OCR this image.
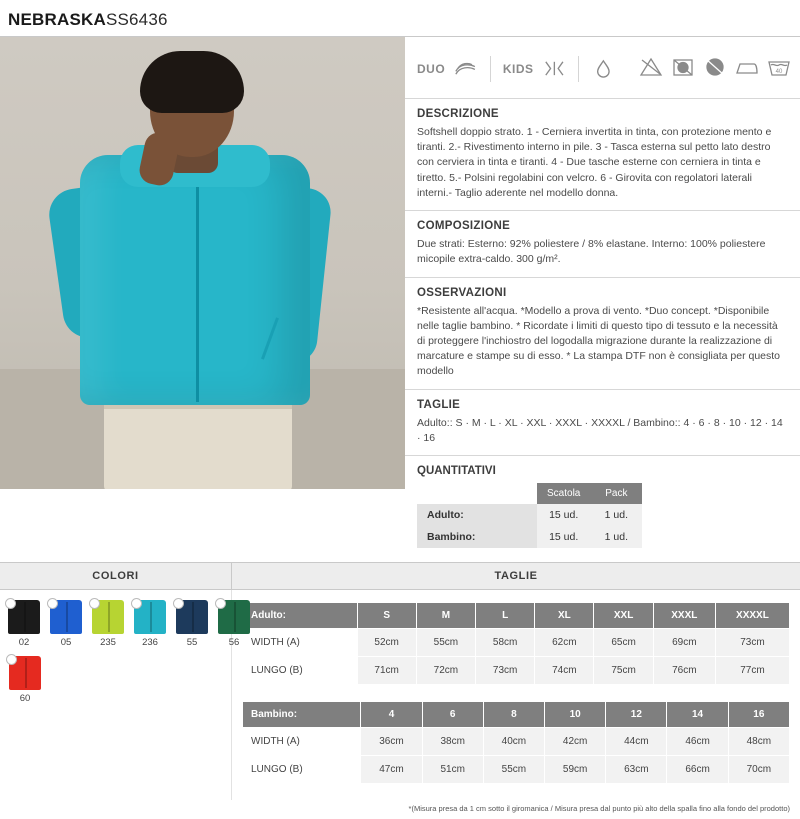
NEBRASKASS6436
DUO	KIDS	40
DESCRIZIONE

Softshell doppio strato. 1 - Cerniera invertita in tinta, con protezione mento e tiranti. 2.- Rivestimento interno in pile. 3 - Tasca esterna sul petto lato destro con cerviera in tinta e tiranti. 4 - Due tasche esterne con cerniera in tinta e tiretto. 5.- Polsini regolabini con velcro. 6 - Girovita con regolatori laterali interni.- Taglio aderente nel modello donna.

COMPOSIZIONE

Due strati: Esterno: 92% poliestere / 8% elastane. Interno: 100% poliestere micopile extra-caldo. 300 g/m².

OSSERVAZIONI

*Resistente all'acqua. *Modello a prova di vento. *Duo concept. *Disponibile nelle taglie bambino. * Ricordate i limiti di questo tipo di tessuto e la necessità di proteggere l'inchiostro del logodalla migrazione durante la realizzazione di marcature e stampe su di esso. * La stampa DTF non è consigliata per questo modello

TAGLIE

Adulto:: S · M · L · XL · XXL · XXXL · XXXXL / Bambino:: 4 · 6 · 8 · 10 · 12 · 14 · 16

QUANTITATIVI
	Scatola	Pack
Adulto:	15 ud.	1 ud.
Bambino:	15 ud.	1 ud.
COLORI	TAGLIE
02	05	235	236	55	56
60
Adulto:	S	M	L	XL	XXL	XXXL	XXXXL
WIDTH (A)	52cm	55cm	58cm	62cm	65cm	69cm	73cm
LUNGO (B)	71cm	72cm	73cm	74cm	75cm	76cm	77cm
Bambino:	4	6	8	10	12	14	16
WIDTH (A)	36cm	38cm	40cm	42cm	44cm	46cm	48cm
LUNGO (B)	47cm	51cm	55cm	59cm	63cm	66cm	70cm
*(Misura presa da 1 cm sotto il giromanica / Misura presa dal punto più alto della spalla fino alla fondo del prodotto)
